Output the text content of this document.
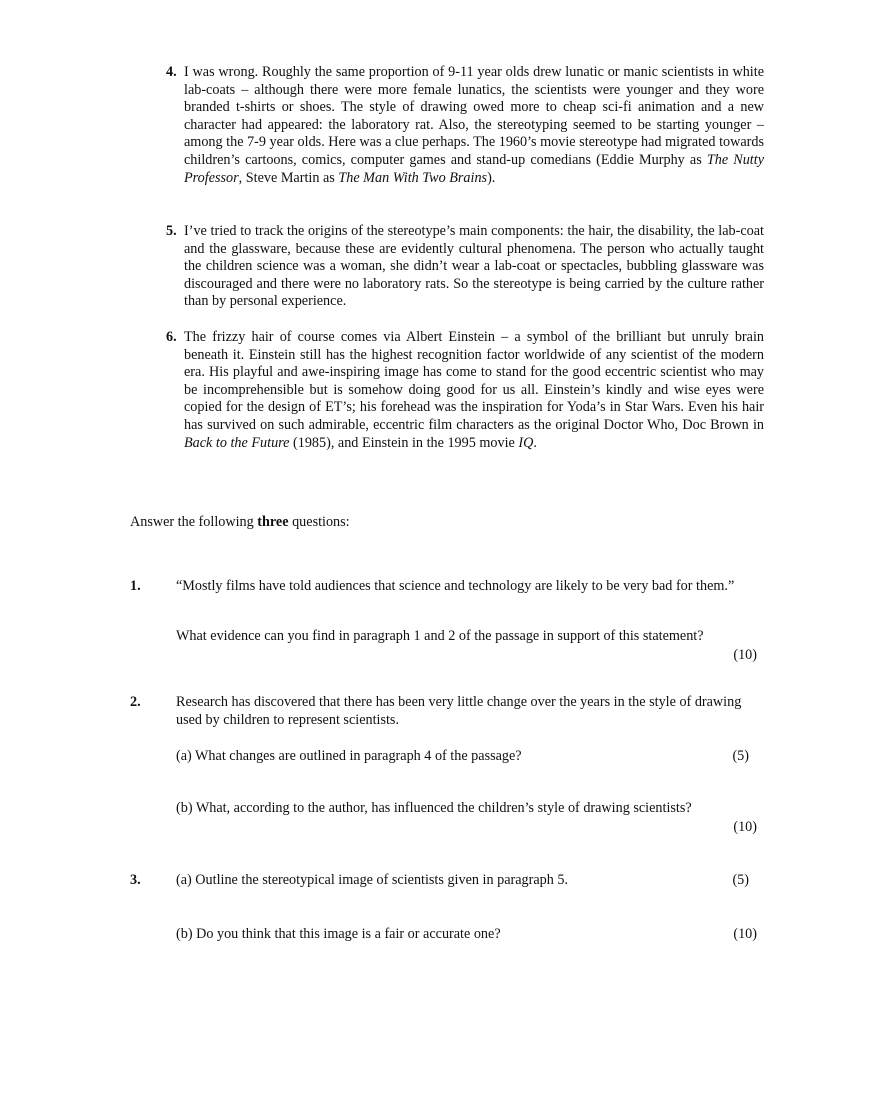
4. I was wrong. Roughly the same proportion of 9-11 year olds drew lunatic or manic scientists in white lab-coats – although there were more female lunatics, the scientists were younger and they wore branded t-shirts or shoes. The style of drawing owed more to cheap sci-fi animation and a new character had appeared: the laboratory rat. Also, the stereotyping seemed to be starting younger – among the 7-9 year olds. Here was a clue perhaps. The 1960’s movie stereotype had migrated towards children’s cartoons, comics, computer games and stand-up comedians (Eddie Murphy as The Nutty Professor, Steve Martin as The Man With Two Brains).
5. I’ve tried to track the origins of the stereotype’s main components: the hair, the disability, the lab-coat and the glassware, because these are evidently cultural phenomena. The person who actually taught the children science was a woman, she didn’t wear a lab-coat or spectacles, bubbling glassware was discouraged and there were no laboratory rats. So the stereotype is being carried by the culture rather than by personal experience.
6. The frizzy hair of course comes via Albert Einstein – a symbol of the brilliant but unruly brain beneath it. Einstein still has the highest recognition factor worldwide of any scientist of the modern era. His playful and awe-inspiring image has come to stand for the good eccentric scientist who may be incomprehensible but is somehow doing good for us all. Einstein’s kindly and wise eyes were copied for the design of ET’s; his forehead was the inspiration for Yoda’s in Star Wars. Even his hair has survived on such admirable, eccentric film characters as the original Doctor Who, Doc Brown in Back to the Future (1985), and Einstein in the 1995 movie IQ.

Answer the following three questions:

1. “Mostly films have told audiences that science and technology are likely to be very bad for them.”

What evidence can you find in paragraph 1 and 2 of the passage in support of this statement?

(10)
2. Research has discovered that there has been very little change over the years in the style of drawing used by children to represent scientists.

(a) What changes are outlined in paragraph 4 of the passage?	(5)

(b) What, according to the author, has influenced the children’s style of drawing scientists?

(10)
3. (a) Outline the stereotypical image of scientists given in paragraph 5.	(5)

(b) Do you think that this image is a fair or accurate one?	(10)
